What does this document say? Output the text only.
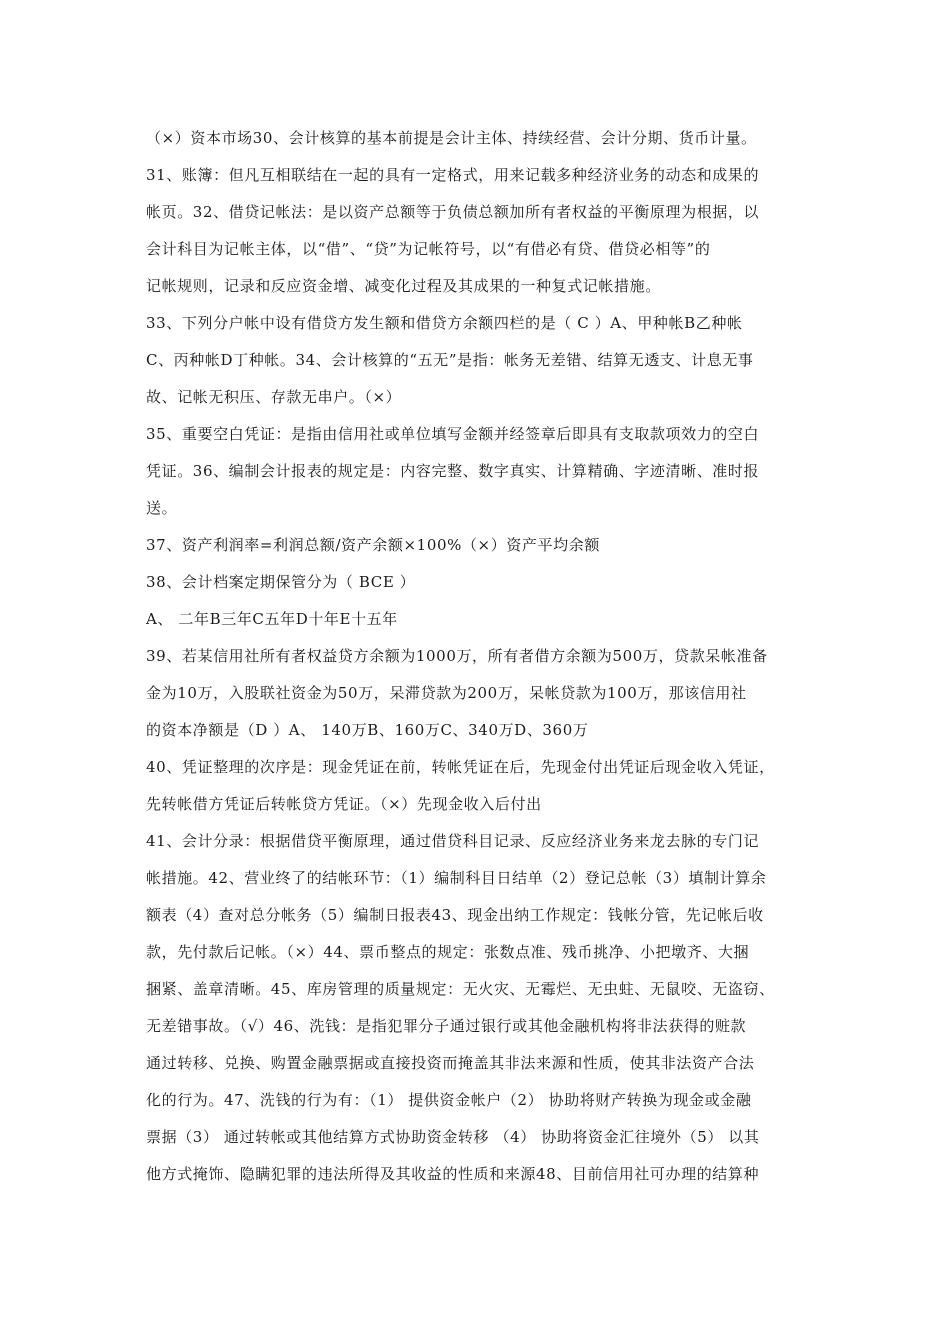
（×）资本市场30、会计核算的基本前提是会计主体、持续经营、会计分期、货币计量。
31、账簿：但凡互相联结在一起的具有一定格式，用来记载多种经济业务的动态和成果的
帐页。32、借贷记帐法：是以资产总额等于负债总额加所有者权益的平衡原理为根据，以
会计科目为记帐主体，以“借”、“贷”为记帐符号，以“有借必有贷、借贷必相等”的
记帐规则，记录和反应资金增、减变化过程及其成果的一种复式记帐措施。
33、下列分户帐中设有借贷方发生额和借贷方余额四栏的是（ C ）A、甲种帐B乙种帐
C、丙种帐D丁种帐。34、会计核算的“五无”是指：帐务无差错、结算无透支、计息无事
故、记帐无积压、存款无串户。（×）
35、重要空白凭证：是指由信用社或单位填写金额并经签章后即具有支取款项效力的空白
凭证。36、编制会计报表的规定是：内容完整、数字真实、计算精确、字迹清晰、准时报
送。
37、资产利润率=利润总额/资产余额×100%（×）资产平均余额
38、会计档案定期保管分为（ BCE ）
A、 二年B三年C五年D十年E十五年
39、若某信用社所有者权益贷方余额为1000万，所有者借方余额为500万，贷款呆帐准备
金为10万，入股联社资金为50万，呆滞贷款为200万，呆帐贷款为100万，那该信用社
的资本净额是（D ）A、 140万B、160万C、340万D、360万
40、凭证整理的次序是：现金凭证在前，转帐凭证在后，先现金付出凭证后现金收入凭证，
先转帐借方凭证后转帐贷方凭证。（×）先现金收入后付出
41、会计分录：根据借贷平衡原理，通过借贷科目记录、反应经济业务来龙去脉的专门记
帐措施。42、营业终了的结帐环节：（1）编制科目日结单（2）登记总帐（3）填制计算余
额表（4）查对总分帐务（5）编制日报表43、现金出纳工作规定：钱帐分管，先记帐后收
款，先付款后记帐。（×）44、票币整点的规定：张数点准、残币挑净、小把墩齐、大捆
捆紧、盖章清晰。45、库房管理的质量规定：无火灾、无霉烂、无虫蛀、无鼠咬、无盗窃、
无差错事故。（√）46、洗钱：是指犯罪分子通过银行或其他金融机构将非法获得的赃款
通过转移、兑换、购置金融票据或直接投资而掩盖其非法来源和性质，使其非法资产合法
化的行为。47、洗钱的行为有：（1） 提供资金帐户（2） 协助将财产转换为现金或金融
票据（3） 通过转帐或其他结算方式协助资金转移 （4） 协助将资金汇往境外（5） 以其
他方式掩饰、隐瞒犯罪的违法所得及其收益的性质和来源48、目前信用社可办理的结算种
